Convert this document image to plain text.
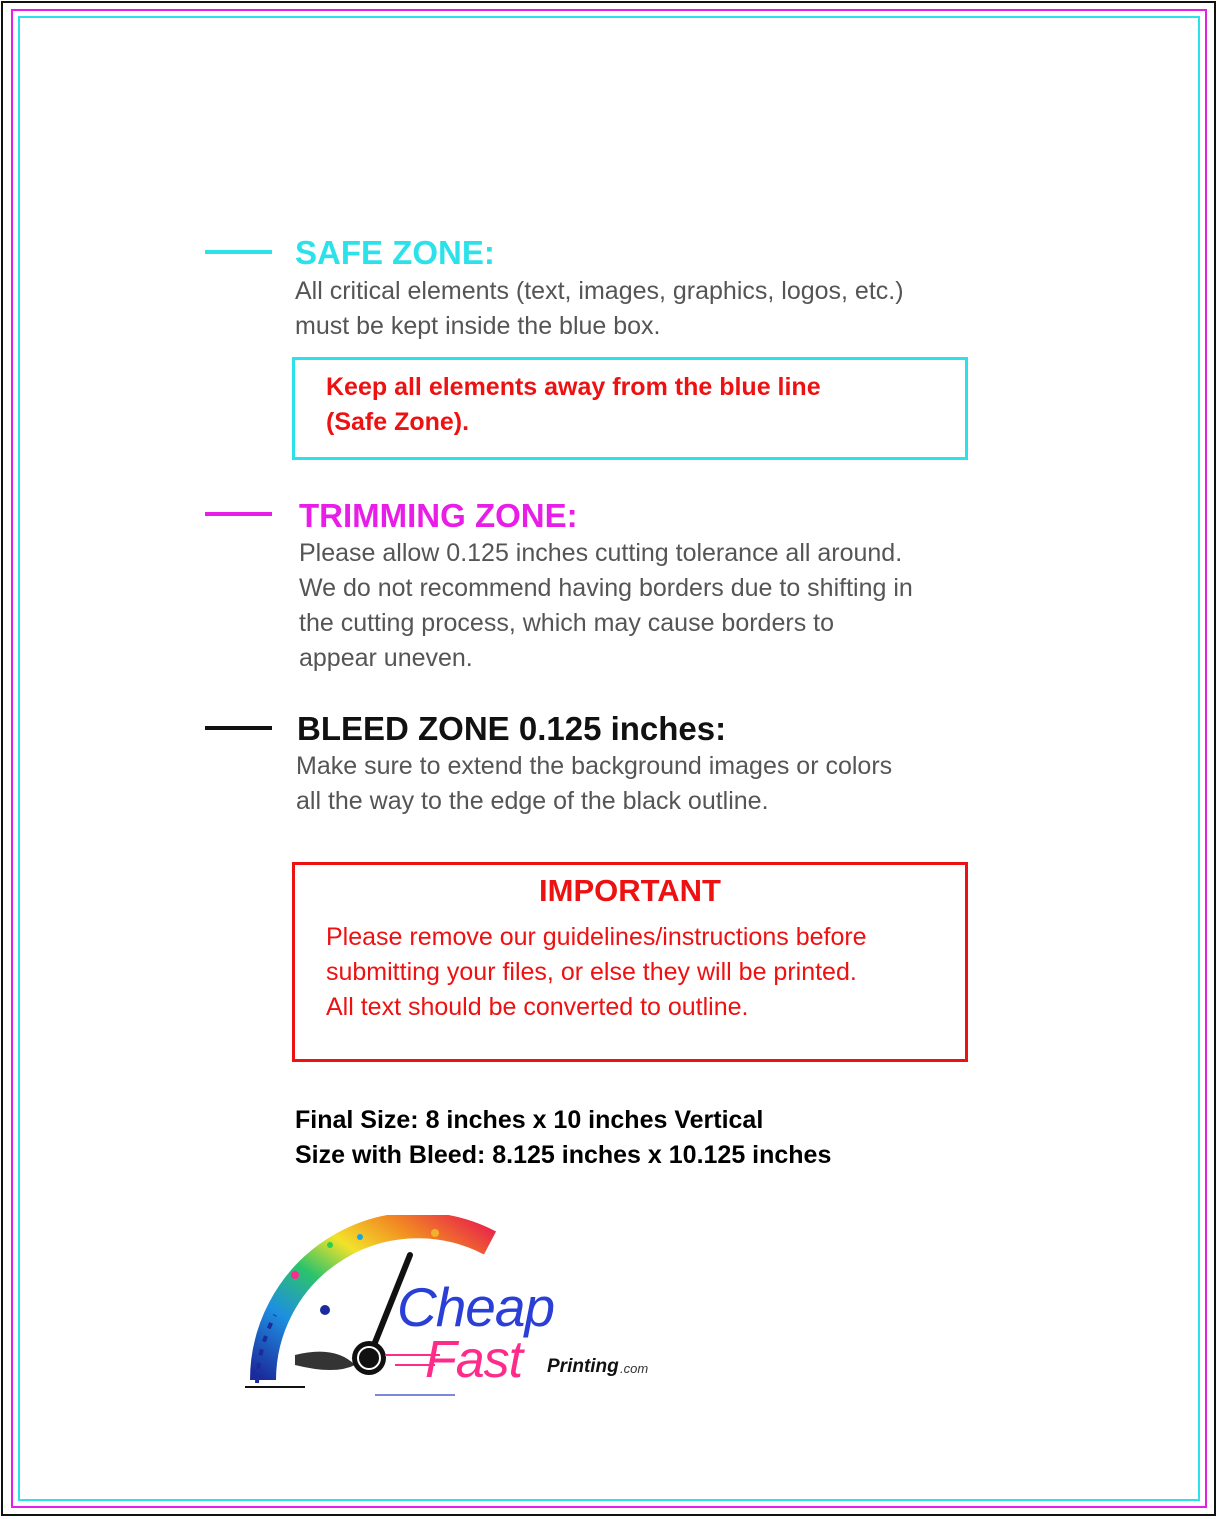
SAFE ZONE:

All critical elements (text, images, graphics, logos, etc.)

must be kept inside the blue box.

Keep all elements away from the blue line

(Safe Zone).

TRIMMING ZONE:

Please allow 0.125 inches cutting tolerance all around.

We do not recommend having borders due to shifting in

the cutting process, which may cause borders to

appear uneven.

BLEED ZONE 0.125 inches:

Make sure to extend the background images or colors

all the way to the edge of the black outline.

IMPORTANT

Please remove our guidelines/instructions before

submitting your files, or else they will be printed.

All text should be converted to outline.

Final Size: 8 inches x 10 inches Vertical

Size with Bleed: 8.125 inches x 10.125 inches

Cheap
Fast Printing .com
